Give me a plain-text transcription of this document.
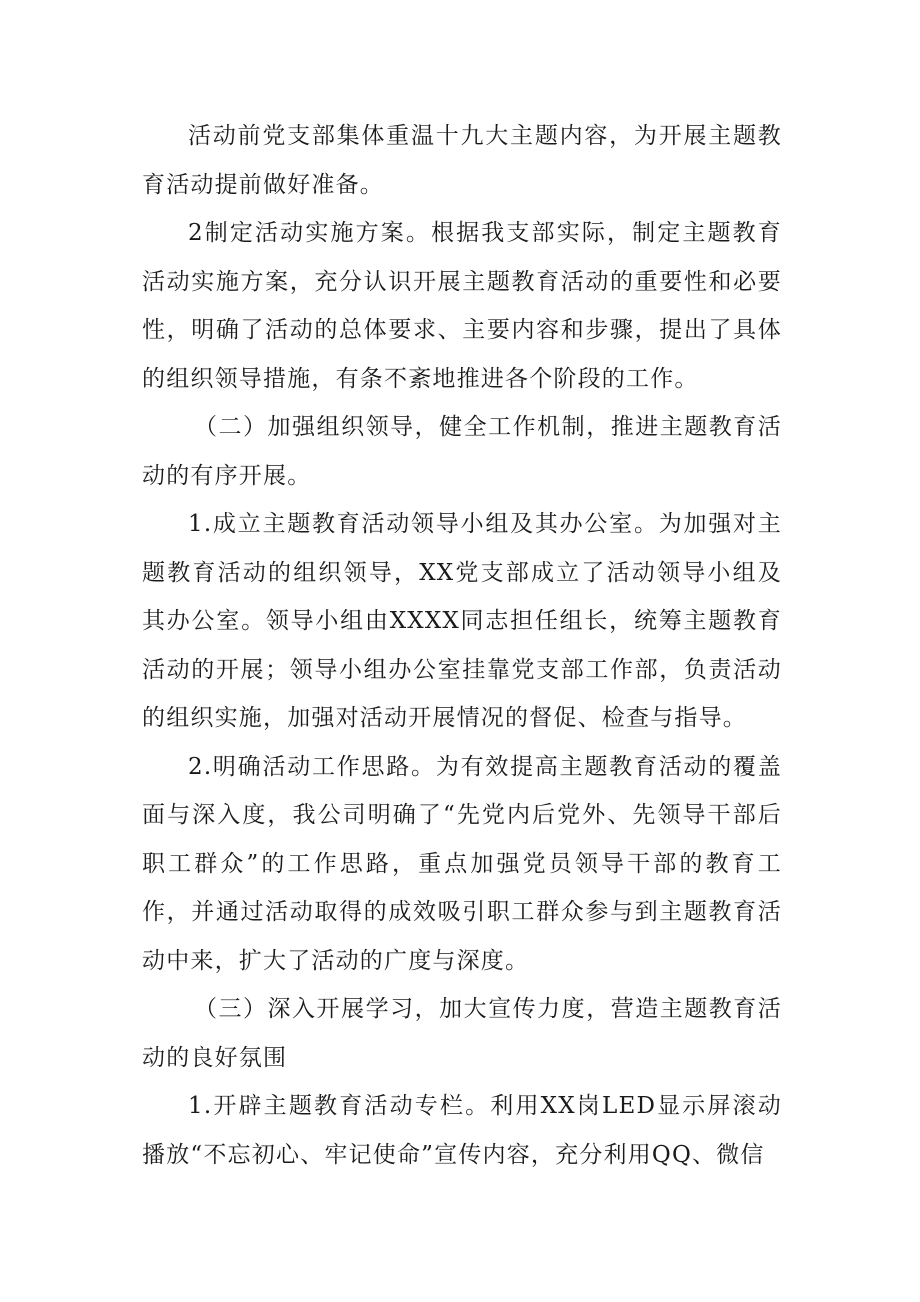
活动前党支部集体重温十九大主题内容，为开展主题教育活动提前做好准备。

2制定活动实施方案。根据我支部实际，制定主题教育活动实施方案，充分认识开展主题教育活动的重要性和必要性，明确了活动的总体要求、主要内容和步骤，提出了具体的组织领导措施，有条不紊地推进各个阶段的工作。

（二）加强组织领导，健全工作机制，推进主题教育活动的有序开展。

1.成立主题教育活动领导小组及其办公室。为加强对主题教育活动的组织领导，XX党支部成立了活动领导小组及其办公室。领导小组由XXXX同志担任组长，统筹主题教育活动的开展；领导小组办公室挂靠党支部工作部，负责活动的组织实施，加强对活动开展情况的督促、检查与指导。

2.明确活动工作思路。为有效提高主题教育活动的覆盖面与深入度，我公司明确了“先党内后党外、先领导干部后职工群众”的工作思路，重点加强党员领导干部的教育工作，并通过活动取得的成效吸引职工群众参与到主题教育活动中来，扩大了活动的广度与深度。

（三）深入开展学习，加大宣传力度，营造主题教育活动的良好氛围

1.开辟主题教育活动专栏。利用XX岗LED显示屏滚动播放“不忘初心、牢记使命”宣传内容，充分利用QQ、微信
